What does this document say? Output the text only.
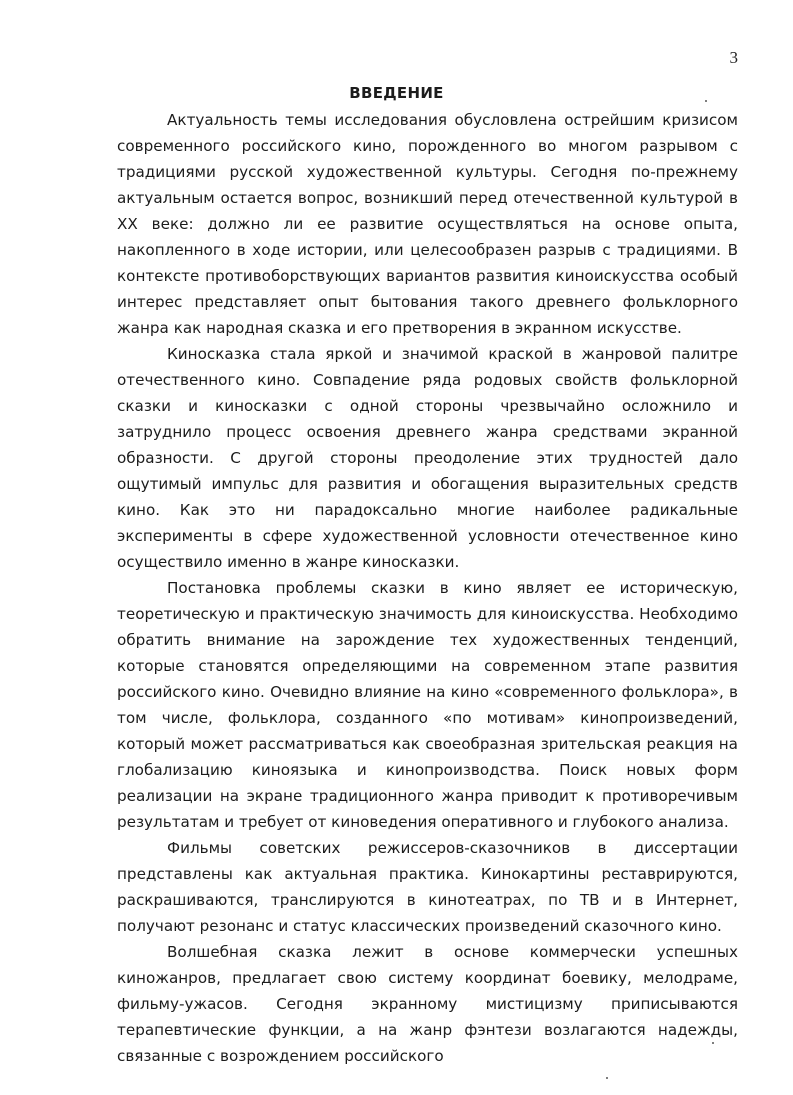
3
ВВЕДЕНИЕ

Актуальность темы исследования обусловлена острейшим кризисом современного российского кино, порожденного во многом разрывом с традициями русской художественной культуры. Сегодня по-прежнему актуальным остается вопрос, возникший перед отечественной культурой в XX веке: должно ли ее развитие осуществляться на основе опыта, накопленного в ходе истории, или целесообразен разрыв с традициями. В контексте противоборствующих вариантов развития киноискусства особый интерес представляет опыт бытования такого древнего фольклорного жанра как народная сказка и его претворения в экранном искусстве.

Киносказка стала яркой и значимой краской в жанровой палитре отечественного кино. Совпадение ряда родовых свойств фольклорной сказки и киносказки с одной стороны чрезвычайно осложнило и затруднило процесс освоения древнего жанра средствами экранной образности. С другой стороны преодоление этих трудностей дало ощутимый импульс для развития и обогащения выразительных средств кино. Как это ни парадоксально многие наиболее радикальные эксперименты в сфере художественной условности отечественное кино осуществило именно в жанре киносказки.

Постановка проблемы сказки в кино являет ее историческую, теоретическую и практическую значимость для киноискусства. Необходимо обратить внимание на зарождение тех художественных тенденций, которые становятся определяющими на современном этапе развития российского кино. Очевидно влияние на кино «современного фольклора», в том числе, фольклора, созданного «по мотивам» кинопроизведений, который может рассматриваться как своеобразная зрительская реакция на глобализацию киноязыка и кинопроизводства. Поиск новых форм реализации на экране традиционного жанра приводит к противоречивым результатам и требует от киноведения оперативного и глубокого анализа.

Фильмы советских режиссеров-сказочников в диссертации представлены как актуальная практика. Кинокартины реставрируются, раскрашиваются, транслируются в кинотеатрах, по ТВ и в Интернет, получают резонанс и статус классических произведений сказочного кино.

Волшебная сказка лежит в основе коммерчески успешных киножанров, предлагает свою систему координат боевику, мелодраме, фильму-ужасов. Сегодня экранному мистицизму приписываются терапевтические функции, а на жанр фэнтези возлагаются надежды, связанные с возрождением российского
